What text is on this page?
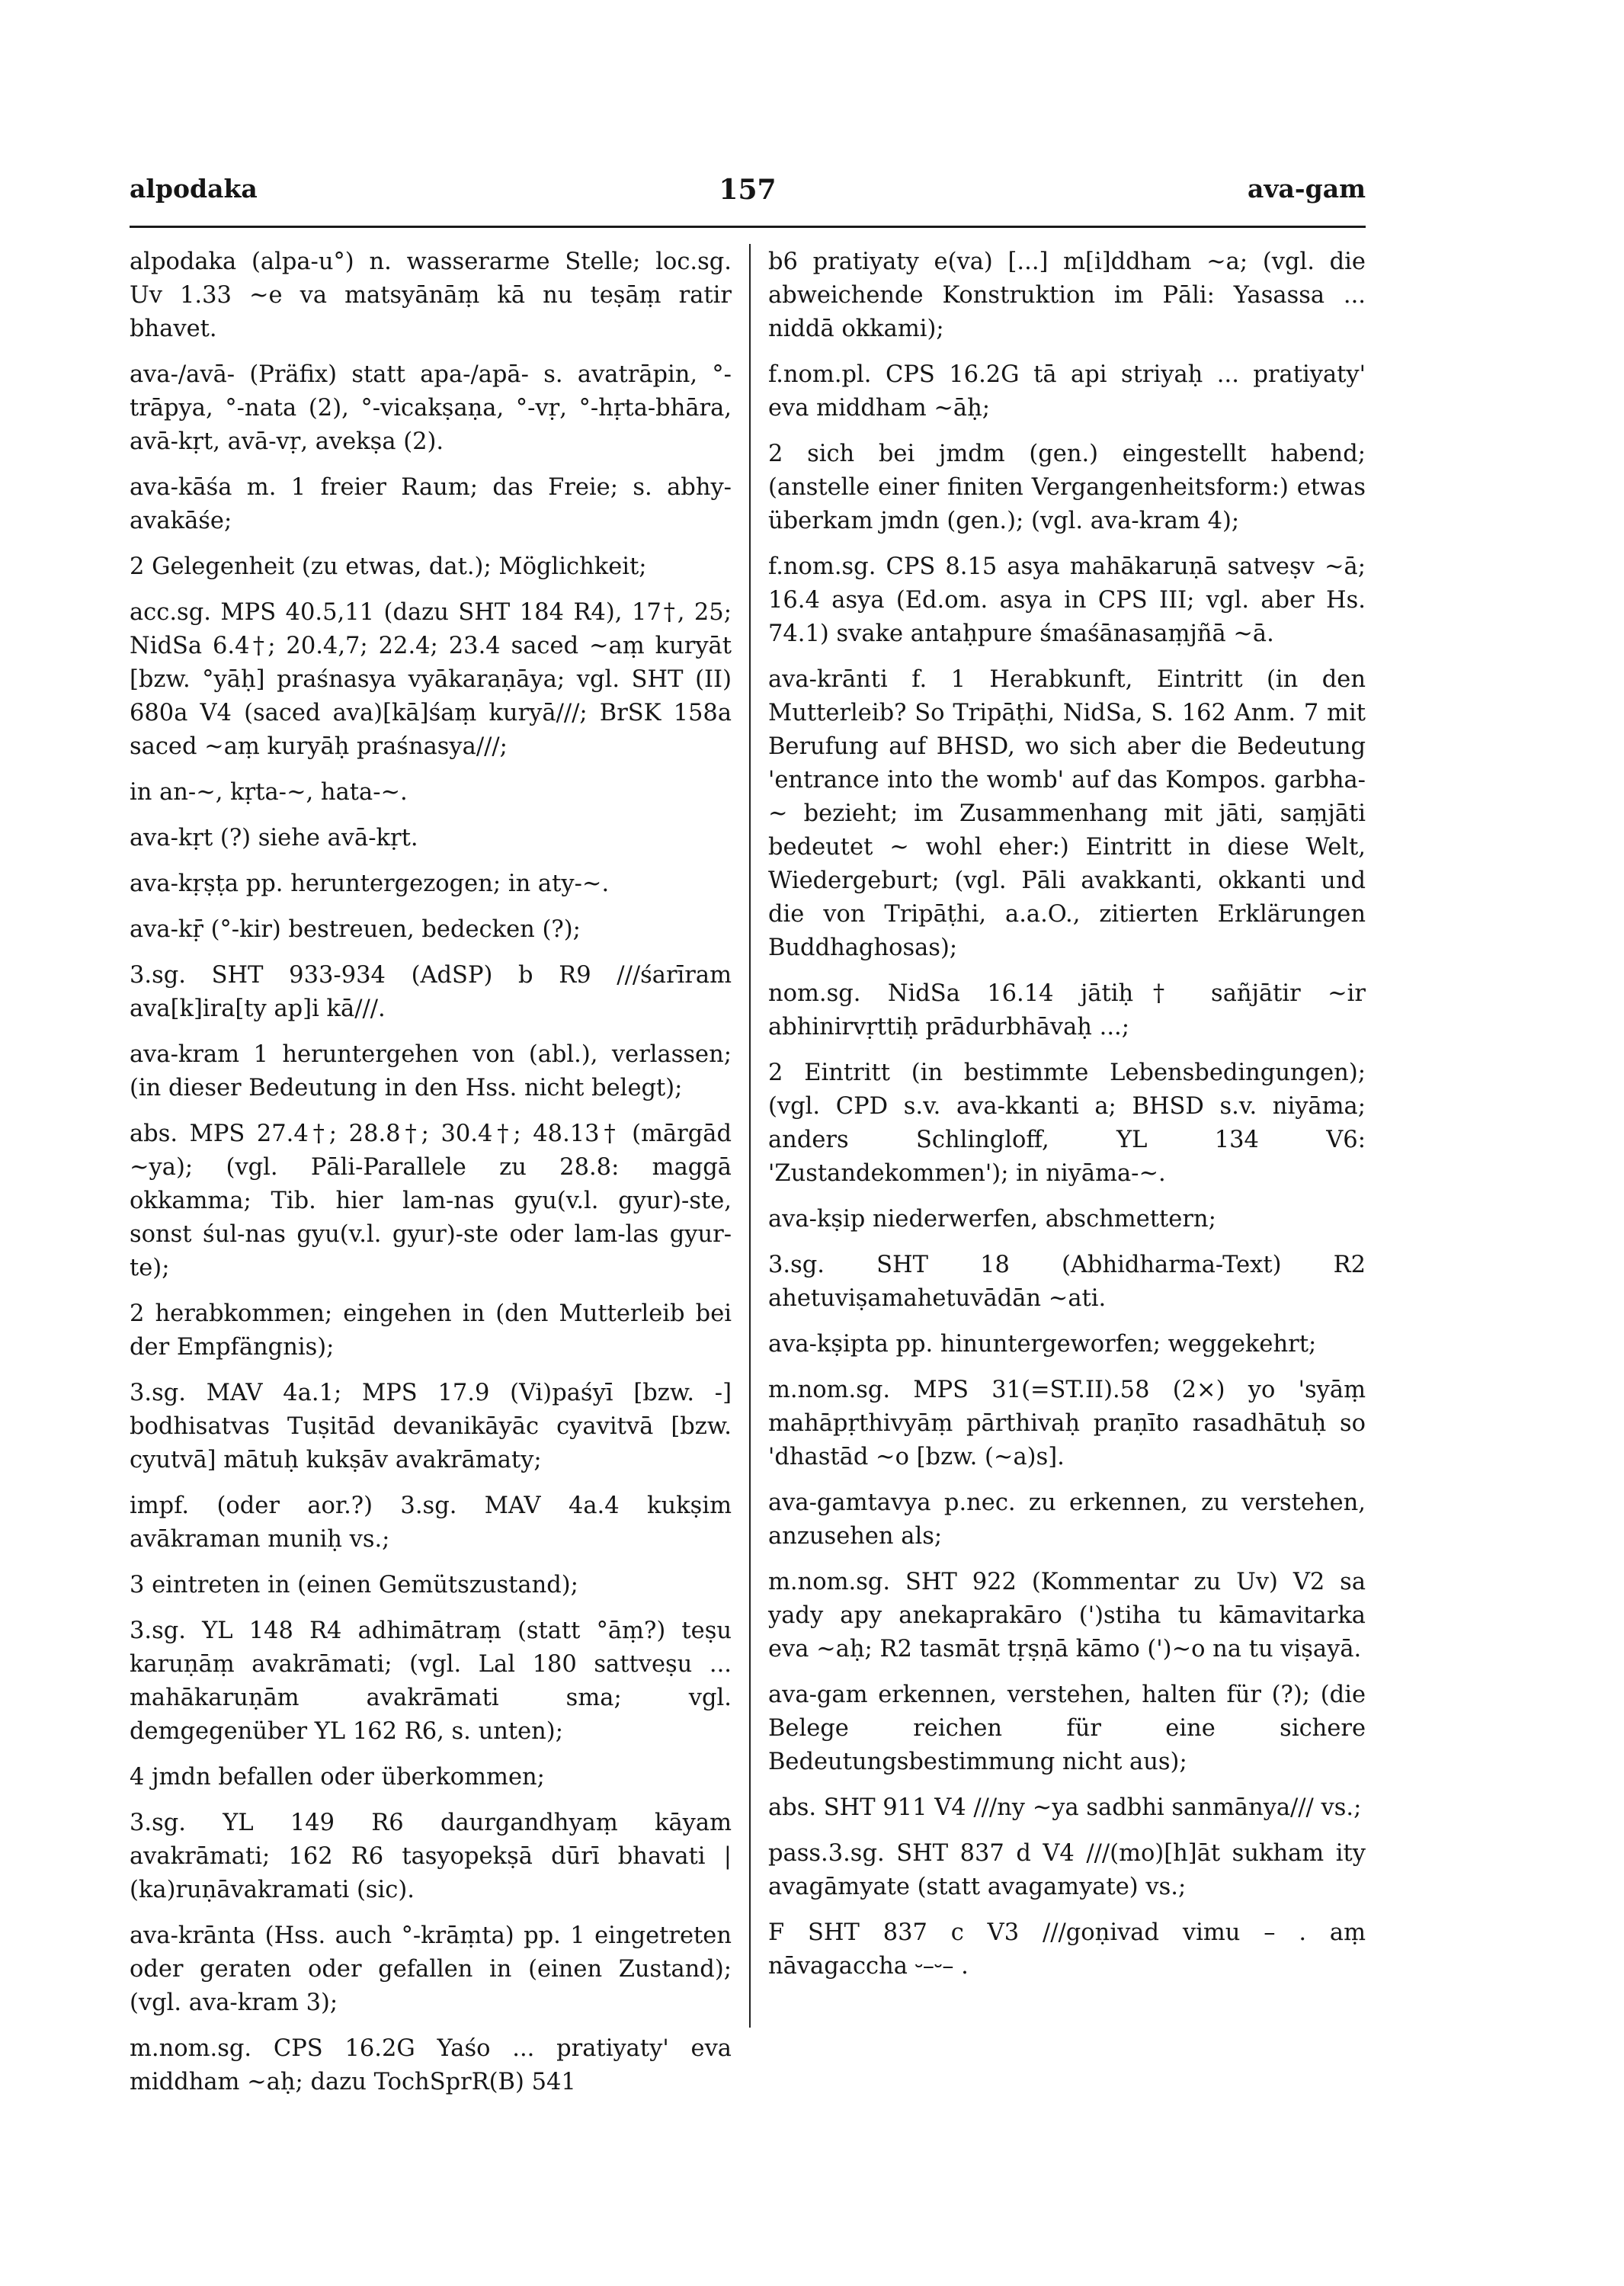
alpodaka	157	ava-gam

alpodaka (alpa-u°) n. wasserarme Stelle; loc.sg. Uv 1.33 ~e va matsyānāṃ kā nu teṣāṃ ratir bhavet.

ava-/avā- (Präfix) statt apa-/apā- s. avatrāpin, °-trāpya, °-nata (2), °-vicakṣaṇa, °-vṛ, °-hṛta-bhāra, avā-kṛt, avā-vṛ, avekṣa (2).

ava-kāśa m. 1 freier Raum; das Freie; s. abhy-avakāśe;

2 Gelegenheit (zu etwas, dat.); Möglichkeit;

acc.sg. MPS 40.5,11 (dazu SHT 184 R4), 17†, 25; NidSa 6.4†; 20.4,7; 22.4; 23.4 saced ~aṃ kuryāt [bzw. °yāḥ] praśnasya vyākaraṇāya; vgl. SHT (II) 680a V4 (saced ava)[kā]śaṃ kuryā///; BrSK 158a saced ~aṃ kuryāḥ praśnasya///;

in an-~, kṛta-~, hata-~.

ava-kṛt (?) siehe avā-kṛt.

ava-kṛṣṭa pp. heruntergezogen; in aty-~.

ava-kṝ (°-kir) bestreuen, bedecken (?);

3.sg. SHT 933-934 (AdSP) b R9 ///śarīram ava[k]ira[ty ap]i kā///.

ava-kram 1 heruntergehen von (abl.), verlassen; (in dieser Bedeutung in den Hss. nicht belegt);

abs. MPS 27.4†; 28.8†; 30.4†; 48.13† (mārgād ~ya); (vgl. Pāli-Parallele zu 28.8: maggā okkamma; Tib. hier lam-nas gyu(v.l. gyur)-ste, sonst śul-nas gyu(v.l. gyur)-ste oder lam-las gyur-te);

2 herabkommen; eingehen in (den Mutterleib bei der Empfängnis);

3.sg. MAV 4a.1; MPS 17.9 (Vi)paśyī [bzw. -] bodhisatvas Tuṣitād devanikāyāc cyavitvā [bzw. cyutvā] mātuḥ kukṣāv avakrāmaty;

impf. (oder aor.?) 3.sg. MAV 4a.4 kukṣim avākraman muniḥ vs.;

3 eintreten in (einen Gemütszustand);

3.sg. YL 148 R4 adhimātraṃ (statt °āṃ?) teṣu karuṇāṃ avakrāmati; (vgl. Lal 180 sattveṣu ... mahākaruṇām avakrāmati sma; vgl. demgegenüber YL 162 R6, s. unten);

4 jmdn befallen oder überkommen;

3.sg. YL 149 R6 daurgandhyaṃ kāyam avakrāmati; 162 R6 tasyopekṣā dūrī bhavati | (ka)ruṇāvakramati (sic).

ava-krānta (Hss. auch °-krāṃta) pp. 1 eingetreten oder geraten oder gefallen in (einen Zustand); (vgl. ava-kram 3);

m.nom.sg. CPS 16.2G Yaśo ... pratiyaty' eva middham ~aḥ; dazu TochSprR(B) 541

b6 pratiyaty e(va) [...] m[i]ddham ~a; (vgl. die abweichende Konstruktion im Pāli: Yasassa ... niddā okkami);

f.nom.pl. CPS 16.2G tā api striyaḥ ... pratiyaty' eva middham ~āḥ;

2 sich bei jmdm (gen.) eingestellt habend; (anstelle einer finiten Vergangenheitsform:) etwas überkam jmdn (gen.); (vgl. ava-kram 4);

f.nom.sg. CPS 8.15 asya mahākaruṇā satveṣv ~ā; 16.4 asya (Ed.om. asya in CPS III; vgl. aber Hs. 74.1) svake antaḥpure śmaśānasaṃjñā ~ā.

ava-krānti f. 1 Herabkunft, Eintritt (in den Mutterleib? So Tripāṭhi, NidSa, S. 162 Anm. 7 mit Berufung auf BHSD, wo sich aber die Bedeutung 'entrance into the womb' auf das Kompos. garbha-~ bezieht; im Zusammenhang mit jāti, saṃjāti bedeutet ~ wohl eher:) Eintritt in diese Welt, Wiedergeburt; (vgl. Pāli avakkanti, okkanti und die von Tripāṭhi, a.a.O., zitierten Erklärungen Buddhaghosas);

nom.sg. NidSa 16.14 jātiḥ† sañjātir ~ir abhinirvṛttiḥ prādurbhāvaḥ ...;

2 Eintritt (in bestimmte Lebensbedingungen); (vgl. CPD s.v. ava-kkanti a; BHSD s.v. niyāma; anders Schlingloff, YL 134 V6: 'Zustandekommen'); in niyāma-~.

ava-kṣip niederwerfen, abschmettern;

3.sg. SHT 18 (Abhidharma-Text) R2 ahetuviṣamahetuvādān ~ati.

ava-kṣipta pp. hinuntergeworfen; weggekehrt;

m.nom.sg. MPS 31(=ST.II).58 (2×) yo 'syāṃ mahāpṛthivyāṃ pārthivaḥ praṇīto rasadhātuḥ so 'dhastād ~o [bzw. (~a)s].

ava-gamtavya p.nec. zu erkennen, zu verstehen, anzusehen als;

m.nom.sg. SHT 922 (Kommentar zu Uv) V2 sa yady apy anekaprakāro (')stiha tu kāmavitarka eva ~aḥ; R2 tasmāt tṛṣṇā kāmo (')~o na tu viṣayā.

ava-gam erkennen, verstehen, halten für (?); (die Belege reichen für eine sichere Bedeutungsbestimmung nicht aus);

abs. SHT 911 V4 ///ny ~ya sadbhi sanmānya/// vs.;

pass.3.sg. SHT 837 d V4 ///(mo)[h]āt sukham ity avagāmyate (statt avagamyate) vs.;

F SHT 837 c V3 ///goṇivad vimu – . aṃ nāvagaccha ⏑–⏑– .
